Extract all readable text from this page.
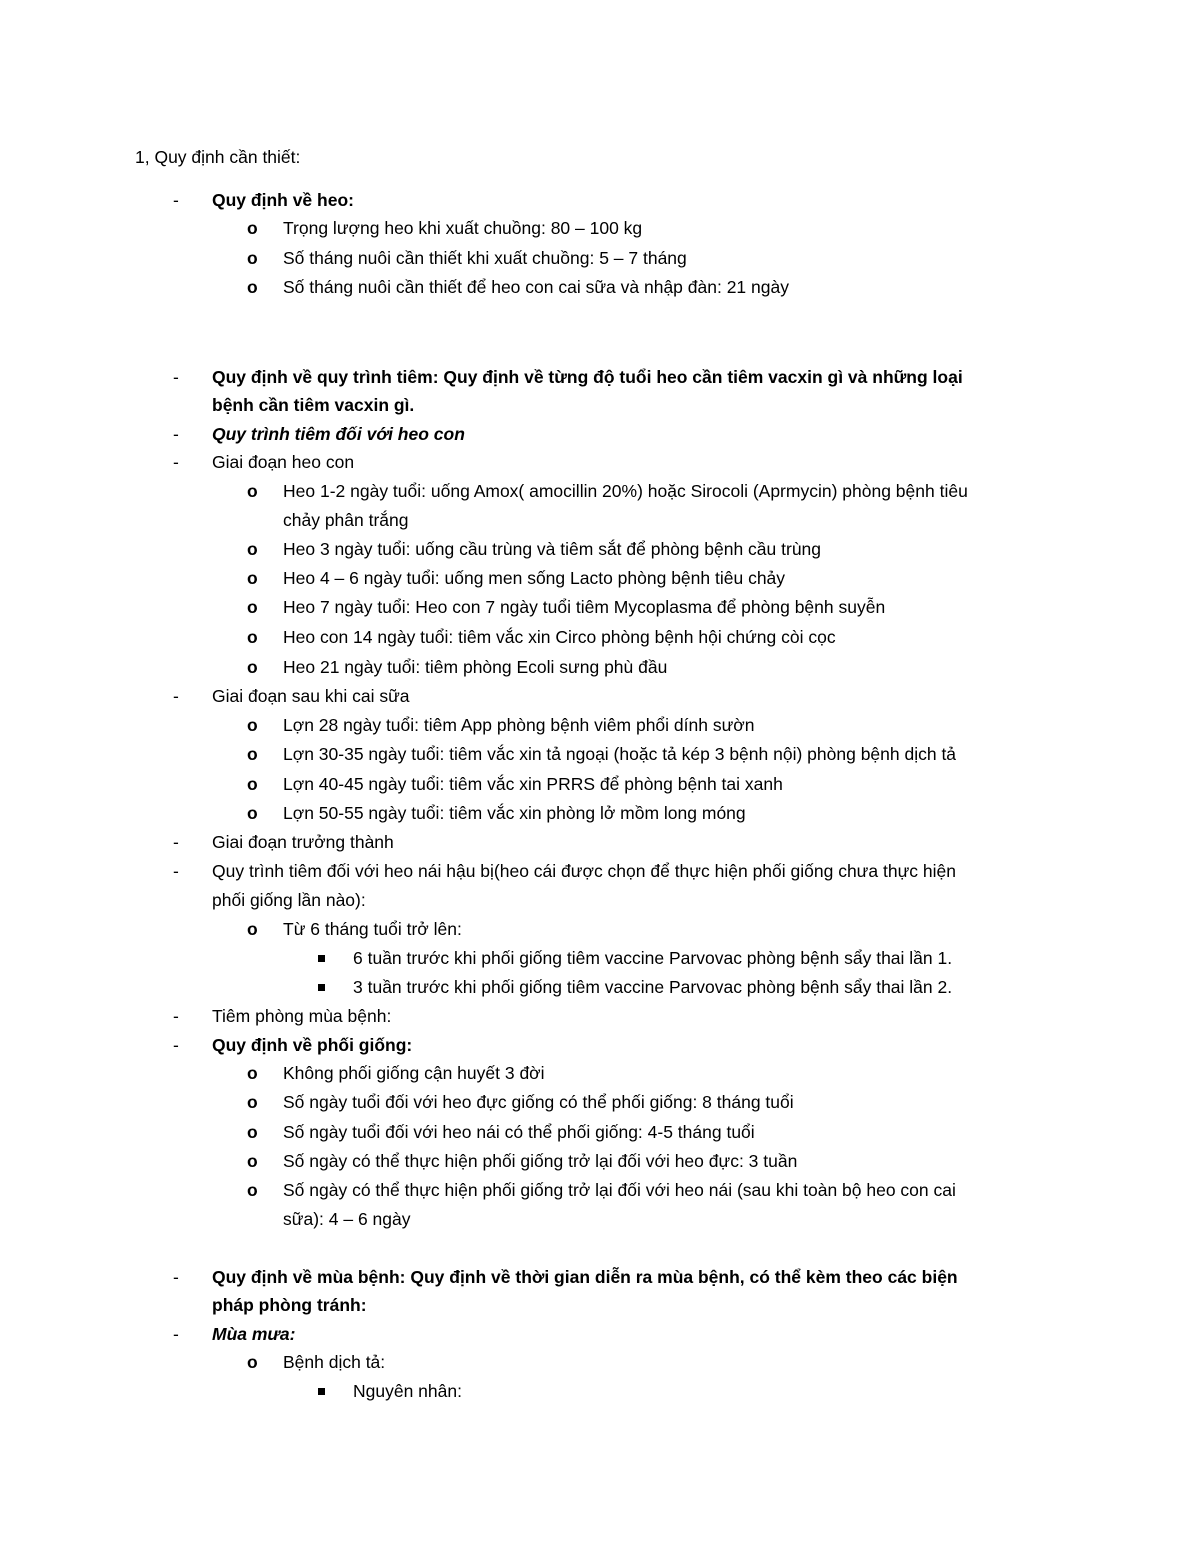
1, Quy định cần thiết:
- Quy định về heo:
o Trọng lượng heo khi xuất chuồng: 80 – 100 kg
o Số tháng nuôi cần thiết khi xuất chuồng: 5 – 7 tháng
o Số tháng nuôi cần thiết để heo con cai sữa và nhập đàn: 21 ngày
- Quy định về quy trình tiêm: Quy định về từng độ tuổi heo cần tiêm vacxin gì và những loại
bệnh cần tiêm vacxin gì.
- Quy trình tiêm đối với heo con
- Giai đoạn heo con
o Heo 1-2 ngày tuổi: uống Amox( amocillin 20%) hoặc Sirocoli (Aprmycin) phòng bệnh tiêu
chảy phân trắng
o Heo 3 ngày tuổi: uống cầu trùng và tiêm sắt để phòng bệnh cầu trùng
o Heo 4 – 6 ngày tuổi: uống men sống Lacto phòng bệnh tiêu chảy
o Heo 7 ngày tuổi: Heo con 7 ngày tuổi tiêm Mycoplasma để phòng bệnh suyễn
o Heo con 14 ngày tuổi: tiêm vắc xin Circo phòng bệnh hội chứng còi cọc
o Heo 21 ngày tuổi: tiêm phòng Ecoli sưng phù đầu
- Giai đoạn sau khi cai sữa
o Lợn 28 ngày tuổi: tiêm App phòng bệnh viêm phổi dính sườn
o Lợn 30-35 ngày tuổi: tiêm vắc xin tả ngoại (hoặc tả kép 3 bệnh nội) phòng bệnh dịch tả
o Lợn 40-45 ngày tuổi: tiêm vắc xin PRRS để phòng bệnh tai xanh
o Lợn 50-55 ngày tuổi: tiêm vắc xin phòng lở mồm long móng
- Giai đoạn trưởng thành
- Quy trình tiêm đối với heo nái hậu bị(heo cái được chọn để thực hiện phối giống chưa thực hiện
phối giống lần nào):
o Từ 6 tháng tuổi trở lên:
6 tuần trước khi phối giống tiêm vaccine Parvovac phòng bệnh sẩy thai lần 1.
3 tuần trước khi phối giống tiêm vaccine Parvovac phòng bệnh sẩy thai lần 2.
- Tiêm phòng mùa bệnh:
- Quy định về phối giống:
o Không phối giống cận huyết 3 đời
o Số ngày tuổi đối với heo đực giống có thể phối giống: 8 tháng tuổi
o Số ngày tuổi đối với heo nái có thể phối giống: 4-5 tháng tuổi
o Số ngày có thể thực hiện phối giống trở lại đối với heo đực: 3 tuần
o Số ngày có thể thực hiện phối giống trở lại đối với heo nái (sau khi toàn bộ heo con cai
sữa): 4 – 6 ngày
- Quy định về mùa bệnh: Quy định về thời gian diễn ra mùa bệnh, có thể kèm theo các biện
pháp phòng tránh:
- Mùa mưa:
o Bệnh dịch tả:
Nguyên nhân:
